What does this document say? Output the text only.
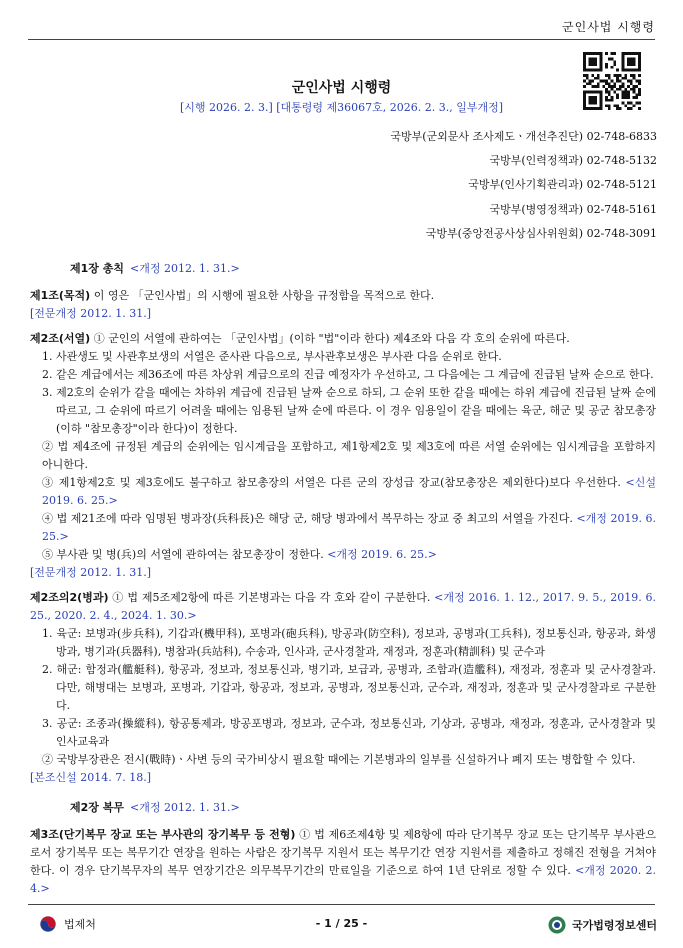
군인사법 시행령
군인사법 시행령
[시행 2026. 2. 3.] [대통령령 제36067호, 2026. 2. 3., 일부개정]
국방부(군외문사 조사제도ㆍ개선추진단) 02-748-6833
국방부(인력정책과) 02-748-5132
국방부(인사기획관리과) 02-748-5121
국방부(병영정책과) 02-748-5161
국방부(중앙전공사상심사위원회) 02-748-3091
제1장 총칙 <개정 2012. 1. 31.>
제1조(목적) 이 영은 「군인사법」의 시행에 필요한 사항을 규정함을 목적으로 한다.
[전문개정 2012. 1. 31.]
제2조(서열) ① 군인의 서열에 관하여는 「군인사법」(이하 "법"이라 한다) 제4조와 다음 각 호의 순위에 따른다.
1. 사관생도 및 사관후보생의 서열은 준사관 다음으로, 부사관후보생은 부사관 다음 순위로 한다.
2. 같은 계급에서는 제36조에 따른 차상위 계급으로의 진급 예정자가 우선하고, 그 다음에는 그 계급에 진급된 날짜 순으로 한다.
3. 제2호의 순위가 같을 때에는 차하위 계급에 진급된 날짜 순으로 하되, 그 순위 또한 같을 때에는 하위 계급에 진급된 날짜 순에 따르고, 그 순위에 따르기 어려울 때에는 임용된 날짜 순에 따른다. 이 경우 임용일이 같을 때에는 육군, 해군 및 공군 참모총장(이하 "참모총장"이라 한다)이 정한다.
② 법 제4조에 규정된 계급의 순위에는 임시계급을 포함하고, 제1항제2호 및 제3호에 따른 서열 순위에는 임시계급을 포함하지 아니한다.
③ 제1항제2호 및 제3호에도 불구하고 참모총장의 서열은 다른 군의 장성급 장교(참모총장은 제외한다)보다 우선한다. <신설 2019. 6. 25.>
④ 법 제21조에 따라 임명된 병과장(兵科長)은 해당 군, 해당 병과에서 복무하는 장교 중 최고의 서열을 가진다. <개정 2019. 6. 25.>
⑤ 부사관 및 병(兵)의 서열에 관하여는 참모총장이 정한다. <개정 2019. 6. 25.>
[전문개정 2012. 1. 31.]
제2조의2(병과) ① 법 제5조제2항에 따른 기본병과는 다음 각 호와 같이 구분한다. <개정 2016. 1. 12., 2017. 9. 5., 2019. 6. 25., 2020. 2. 4., 2024. 1. 30.>
1. 육군: 보병과(步兵科), 기갑과(機甲科), 포병과(砲兵科), 방공과(防空科), 정보과, 공병과(工兵科), 정보통신과, 항공과, 화생방과, 병기과(兵器科), 병참과(兵站科), 수송과, 인사과, 군사경찰과, 재정과, 정훈과(精訓科) 및 군수과
2. 해군: 함정과(艦艇科), 항공과, 정보과, 정보통신과, 병기과, 보급과, 공병과, 조함과(造艦科), 재정과, 정훈과 및 군사경찰과. 다만, 해병대는 보병과, 포병과, 기갑과, 항공과, 정보과, 공병과, 정보통신과, 군수과, 재정과, 정훈과 및 군사경찰과로 구분한다.
3. 공군: 조종과(操縱科), 항공통제과, 방공포병과, 정보과, 군수과, 정보통신과, 기상과, 공병과, 재정과, 정훈과, 군사경찰과 및 인사교육과
② 국방부장관은 전시(戰時)ㆍ사변 등의 국가비상시 필요할 때에는 기본병과의 일부를 신설하거나 폐지 또는 병합할 수 있다.
[본조신설 2014. 7. 18.]
제2장 복무 <개정 2012. 1. 31.>
제3조(단기복무 장교 또는 부사관의 장기복무 등 전형) ① 법 제6조제4항 및 제8항에 따라 단기복무 장교 또는 단기복무 부사관으로서 장기복무 또는 복무기간 연장을 원하는 사람은 장기복무 지원서 또는 복무기간 연장 지원서를 제출하고 정해진 전형을 거쳐야 한다. 이 경우 단기복무자의 복무 연장기간은 의무복무기간의 만료일을 기준으로 하여 1년 단위로 정할 수 있다. <개정 2020. 2. 4.>
법제처	- 1 / 25 -	국가법령정보센터
